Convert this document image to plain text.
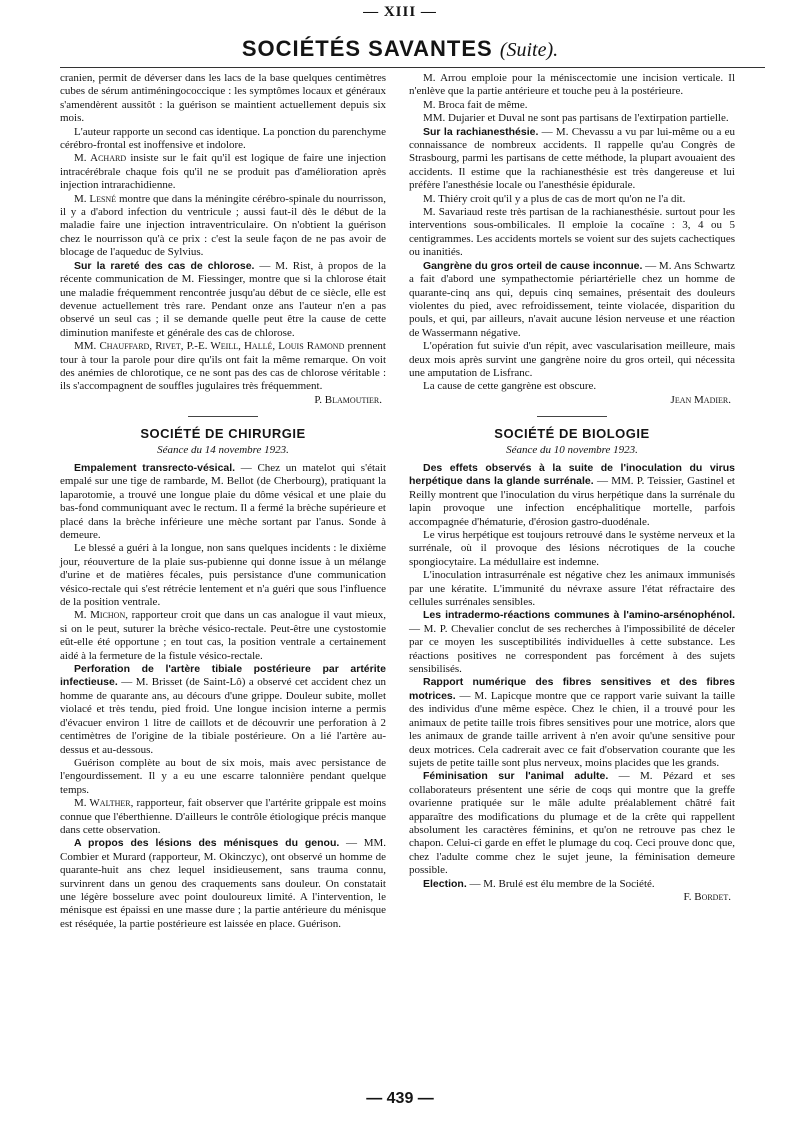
— XIII —
SOCIÉTÉS SAVANTES (Suite).

cranien, permit de déverser dans les lacs de la base quelques centimètres cubes de sérum antiméningococcique : les symptômes locaux et généraux s'amendèrent aussitôt : la guérison se maintient actuellement depuis six mois.

L'auteur rapporte un second cas identique. La ponction du parenchyme cérébro-frontal est inoffensive et indolore.

M. Achard insiste sur le fait qu'il est logique de faire une injection intracérébrale chaque fois qu'il ne se produit pas d'amélioration après injection intrarachidienne.

M. Lesné montre que dans la méningite cérébro-spinale du nourrisson, il y a d'abord infection du ventricule ; aussi faut-il dès le début de la maladie faire une injection intraventriculaire. On n'obtient la guérison chez le nourrisson qu'à ce prix : c'est la seule façon de ne pas avoir de blocage de l'aqueduc de Sylvius.

Sur la rareté des cas de chlorose. — M. Rist, à propos de la récente communication de M. Fiessinger, montre que si la chlorose était une maladie fréquemment rencontrée jusqu'au début de ce siècle, elle est devenue actuellement très rare. Pendant onze ans l'auteur n'en a pas observé un seul cas ; il se demande quelle peut être la cause de cette diminution manifeste et générale des cas de chlorose.

MM. Chauffard, Rivet, P.-E. Weill, Hallé, Louis Ramond prennent tour à tour la parole pour dire qu'ils ont fait la même remarque. On voit des anémies de chlorotique, ce ne sont pas des cas de chlorose véritable : ils s'accompagnent de souffles jugulaires très fréquemment.

P. Blamoutier.

SOCIÉTÉ DE CHIRURGIE
Séance du 14 novembre 1923.

Empalement transrecto-vésical. — Chez un matelot qui s'était empalé sur une tige de rambarde, M. Bellot (de Cherbourg), pratiquant la laparotomie, a trouvé une longue plaie du dôme vésical et une plaie du bas-fond communiquant avec le rectum. Il a fermé la brèche supérieure et placé dans la brèche inférieure une mèche sortant par l'anus. Sonde à demeure.

Le blessé a guéri à la longue, non sans quelques incidents : le dixième jour, réouverture de la plaie sus-pubienne qui donne issue à un mélange d'urine et de matières fécales, puis persistance d'une communication vésico-rectale qui s'est rétrécie lentement et n'a guéri que sous l'influence de la position ventrale.

M. Michon, rapporteur croit que dans un cas analogue il vaut mieux, si on le peut, suturer la brèche vésico-rectale. Peut-être une cystostomie eût-elle été opportune ; en tout cas, la position ventrale a certainement aidé à la fermeture de la fistule vésico-rectale.

Perforation de l'artère tibiale postérieure par artérite infectieuse. — M. Brisset (de Saint-Lô) a observé cet accident chez un homme de quarante ans, au décours d'une grippe. Douleur subite, mollet violacé et très tendu, pied froid. Une longue incision interne a permis d'évacuer environ 1 litre de caillots et de découvrir une perforation à 2 centimètres de l'origine de la tibiale postérieure. On a lié l'artère au-dessus et au-dessous.

Guérison complète au bout de six mois, mais avec persistance de l'engourdissement. Il y a eu une escarre talonnière pendant quelque temps.

M. Walther, rapporteur, fait observer que l'artérite grippale est moins connue que l'éberthienne. D'ailleurs le contrôle étiologique précis manque dans cette observation.

A propos des lésions des ménisques du genou. — MM. Combier et Murard (rapporteur, M. Okinczyc), ont observé un homme de quarante-huit ans chez lequel insidieusement, sans trauma connu, survinrent dans un genou des craquements sans douleur. On constatait une légère bosselure avec point douloureux limité. A l'intervention, le ménisque est épaissi en une masse dure ; la partie antérieure du ménisque est réséquée, la partie postérieure est laissée en place. Guérison.

M. Arrou emploie pour la méniscectomie une incision verticale. Il n'enlève que la partie antérieure et touche peu à la postérieure.

M. Broca fait de même.

MM. Dujarier et Duval ne sont pas partisans de l'extirpation partielle.

Sur la rachianesthésie. — M. Chevassu a vu par lui-même ou a eu connaissance de nombreux accidents. Il rappelle qu'au Congrès de Strasbourg, parmi les partisans de cette méthode, la plupart avouaient des accidents. Il estime que la rachianesthésie est très dangereuse et lui préfère l'anesthésie locale ou l'anesthésie épidurale.

M. Thiéry croit qu'il y a plus de cas de mort qu'on ne l'a dit.

M. Savariaud reste très partisan de la rachianesthésie. surtout pour les interventions sous-ombilicales. Il emploie la cocaïne : 3, 4 ou 5 centigrammes. Les accidents mortels se voient sur des sujets cachectiques ou inanitiés.

Gangrène du gros orteil de cause inconnue. — M. Ans Schwartz a fait d'abord une sympathectomie périartérielle chez un homme de quarante-cinq ans qui, depuis cinq semaines, présentait des douleurs violentes du pied, avec refroidissement, teinte violacée, disparition du pouls, et qui, par ailleurs, n'avait aucune lésion nerveuse et une réaction de Wassermann négative.

L'opération fut suivie d'un répit, avec vascularisation meilleure, mais deux mois après survint une gangrène noire du gros orteil, qui nécessita une amputation de Lisfranc.

La cause de cette gangrène est obscure.

Jean Madier.

SOCIÉTÉ DE BIOLOGIE
Séance du 10 novembre 1923.

Des effets observés à la suite de l'inoculation du virus herpétique dans la glande surrénale. — MM. P. Teissier, Gastinel et Reilly montrent que l'inoculation du virus herpétique dans la surrénale du lapin provoque une infection encéphalitique mortelle, parfois accompagnée d'hématurie, d'érosion gastro-duodénale.

Le virus herpétique est toujours retrouvé dans le système nerveux et la surrénale, où il provoque des lésions nécrotiques de la couche spongiocytaire. La médullaire est indemne.

L'inoculation intrasurrénale est négative chez les animaux immunisés par une kératite. L'immunité du névraxe assure l'état réfractaire des cellules surrénales sensibles.

Les intradermo-réactions communes à l'amino-arsénophénol. — M. P. Chevalier conclut de ses recherches à l'impossibilité de déceler par ce moyen les susceptibilités individuelles à cette substance. Les réactions positives ne correspondent pas forcément à des sujets sensibilisés.

Rapport numérique des fibres sensitives et des fibres motrices. — M. Lapicque montre que ce rapport varie suivant la taille des individus d'une même espèce. Chez le chien, il a trouvé pour les animaux de petite taille trois fibres sensitives pour une motrice, alors que les animaux de grande taille arrivent à n'en avoir qu'une sensitive pour deux motrices. Cela cadrerait avec ce fait d'observation courante que les sujets de petite taille sont plus nerveux, moins placides que les grands.

Féminisation sur l'animal adulte. — M. Pézard et ses collaborateurs présentent une série de coqs qui montre que la greffe ovarienne pratiquée sur le mâle adulte préalablement châtré fait apparaître des modifications du plumage et de la crête qui rappellent absolument les caractères féminins, et qu'on ne retrouve pas chez le chapon. Celui-ci garde en effet le plumage du coq. Ceci prouve donc que, chez l'adulte comme chez le sujet jeune, la féminisation demeure possible.

Election. — M. Brulé est élu membre de la Société.

F. Bordet.

— 439 —
